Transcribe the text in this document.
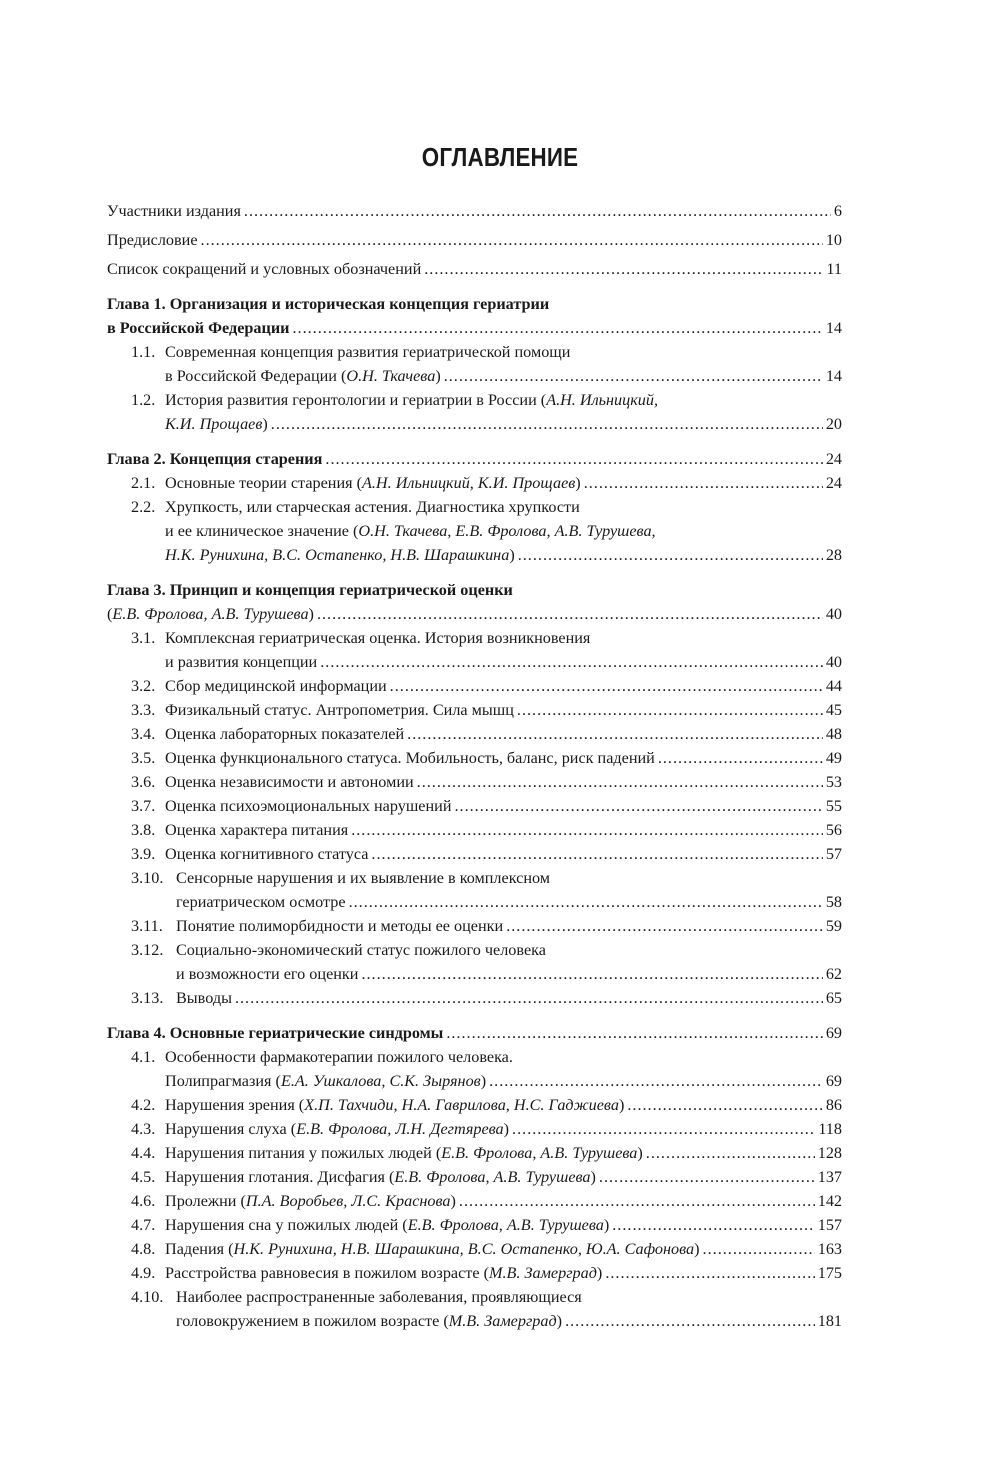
ОГЛАВЛЕНИЕ
Участники издания .....	6
Предисловие .....	10
Список сокращений и условных обозначений .....	11
Глава 1. Организация и историческая концепция гериатрии
в Российской Федерации .....	14
1.1. Современная концепция развития гериатрической помощи
в Российской Федерации (О.Н. Ткачева) .....	14
1.2. История развития геронтологии и гериатрии в России (А.Н. Ильницкий,
К.И. Прощаев) .....	20
Глава 2. Концепция старения .....	24
2.1. Основные теории старения (А.Н. Ильницкий, К.И. Прощаев) .....	24
2.2. Хрупкость, или старческая астения. Диагностика хрупкости
и ее клиническое значение (О.Н. Ткачева, Е.В. Фролова, А.В. Турушева,
Н.К. Рунихина, В.С. Остапенко, Н.В. Шарашкина) .....	28
Глава 3. Принцип и концепция гериатрической оценки
(Е.В. Фролова, А.В. Турушева) .....	40
3.1. Комплексная гериатрическая оценка. История возникновения
и развития концепции .....	40
3.2. Сбор медицинской информации .....	44
3.3. Физикальный статус. Антропометрия. Сила мышц .....	45
3.4. Оценка лабораторных показателей .....	48
3.5. Оценка функционального статуса. Мобильность, баланс, риск падений .....	49
3.6. Оценка независимости и автономии .....	53
3.7. Оценка психоэмоциональных нарушений .....	55
3.8. Оценка характера питания .....	56
3.9. Оценка когнитивного статуса .....	57
3.10. Сенсорные нарушения и их выявление в комплексном
гериатрическом осмотре .....	58
3.11. Понятие полиморбидности и методы ее оценки .....	59
3.12. Социально-экономический статус пожилого человека
и возможности его оценки .....	62
3.13. Выводы .....	65
Глава 4. Основные гериатрические синдромы .....	69
4.1. Особенности фармакотерапии пожилого человека.
Полипрагмазия (Е.А. Ушкалова, С.К. Зырянов) .....	69
4.2. Нарушения зрения (Х.П. Тахчиди, Н.А. Гаврилова, Н.С. Гаджиева) .....	86
4.3. Нарушения слуха (Е.В. Фролова, Л.Н. Дегтярева) .....	118
4.4. Нарушения питания у пожилых людей (Е.В. Фролова, А.В. Турушева) .....	128
4.5. Нарушения глотания. Дисфагия (Е.В. Фролова, А.В. Турушева) .....	137
4.6. Пролежни (П.А. Воробьев, Л.С. Краснова) .....	142
4.7. Нарушения сна у пожилых людей (Е.В. Фролова, А.В. Турушева) .....	157
4.8. Падения (Н.К. Рунихина, Н.В. Шарашкина, В.С. Остапенко, Ю.А. Сафонова) .....	163
4.9. Расстройства равновесия в пожилом возрасте (М.В. Замерград) .....	175
4.10. Наиболее распространенные заболевания, проявляющиеся
головокружением в пожилом возрасте (М.В. Замерград) .....	181
